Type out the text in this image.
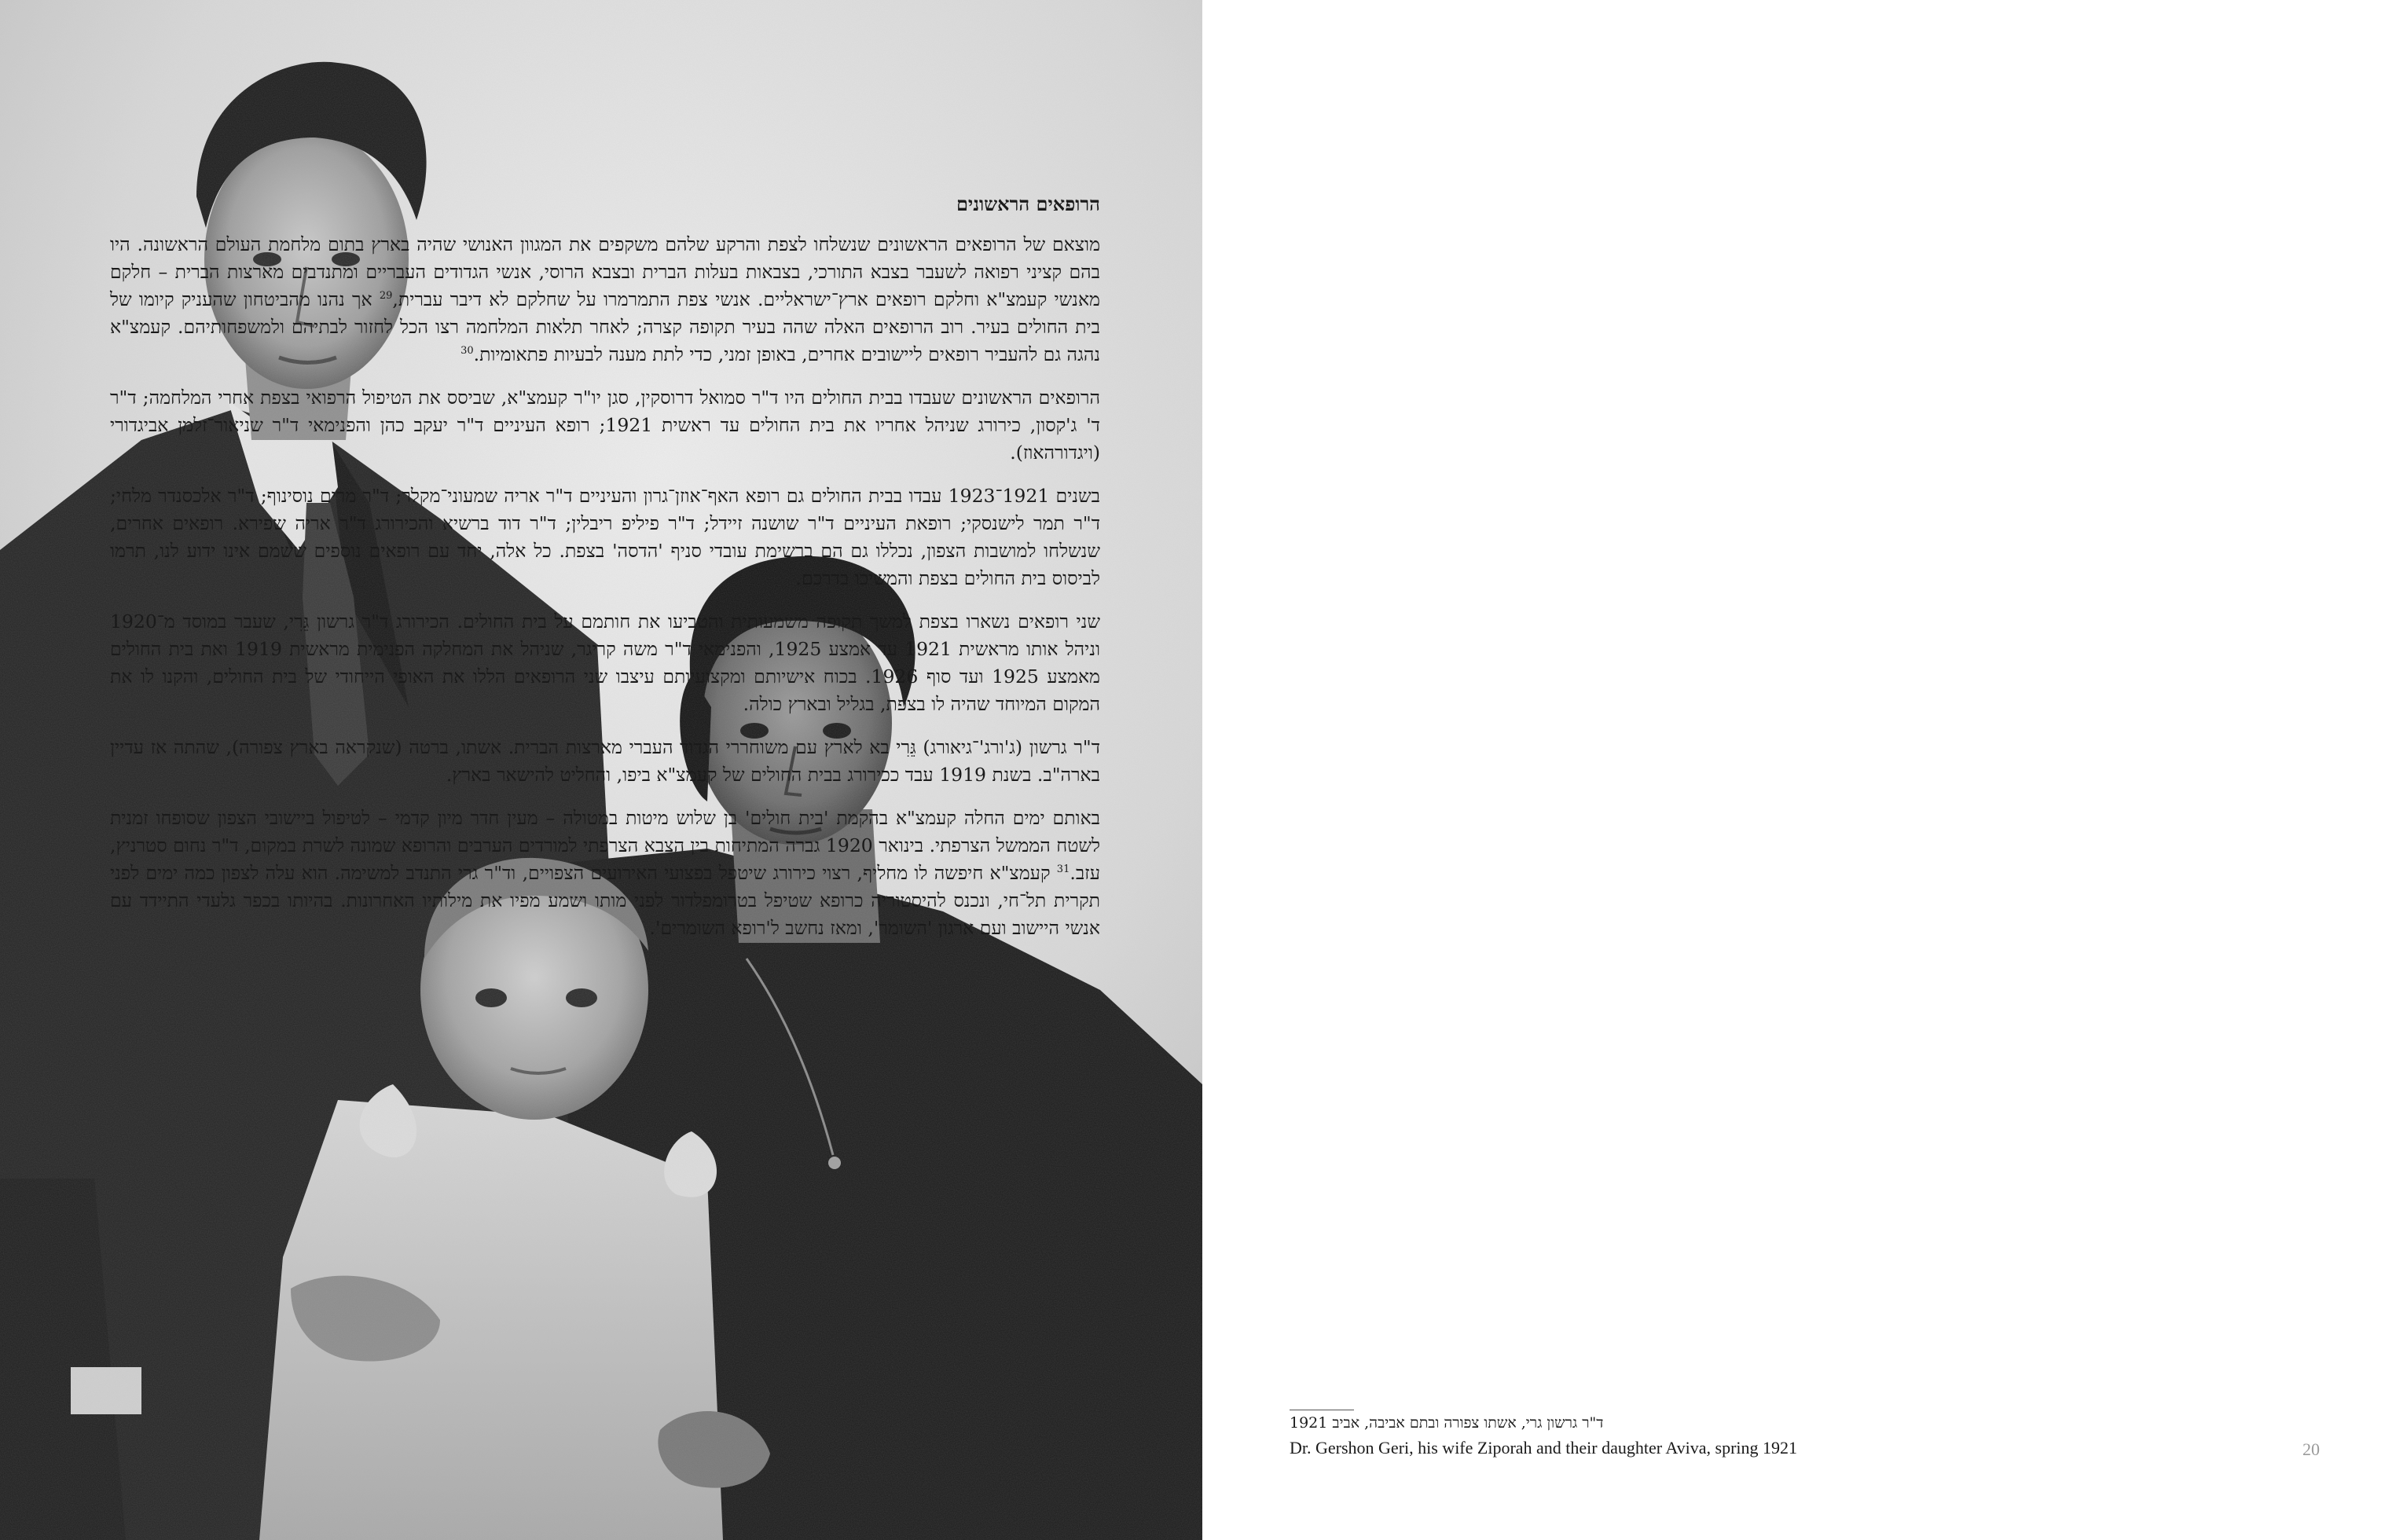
הרופאים הראשונים

מוצאם של הרופאים הראשונים שנשלחו לצפת והרקע שלהם משקפים את המגוון האנושי שהיה בארץ בתום מלחמת העולם הראשונה. היו בהם קציני רפואה לשעבר בצבא התורכי, בצבאות בעלות הברית ובצבא הרוסי, אנשי הגדודים העבריים ומתנדבים מארצות הברית – חלקם מאנשי קעמצ"א וחלקם רופאים ארץ־ישראליים. אנשי צפת התמרמרו על שחלקם לא דיבר עברית,$^{29}$ אך נהנו מהביטחון שהעניק קיומו של בית החולים בעיר. רוב הרופאים האלה שהה בעיר תקופה קצרה; לאחר תלאות המלחמה רצו הכל לחזור לבתיהם ולמשפחותיהם. קעמצ"א נהגה גם להעביר רופאים ליישובים אחרים, באופן זמני, כדי לתת מענה לבעיות פתאומיות.$^{30}$

הרופאים הראשונים שעבדו בבית החולים היו ד"ר סמואל דרוסקין, סגן יו"ר קעמצ"א, שביסס את הטיפול הרפואי בצפת אחרי המלחמה; ד"ר ד' ג'קסון, כירורג שניהל אחריו את בית החולים עד ראשית 1921; רופא העיניים ד"ר יעקב כהן והפנימאי ד"ר שניאור־זלמן אביגדורי (ויגדורהאוז).

בשנים 1921־1923 עבדו בבית החולים גם רופא האף־אוזן־גרון והעיניים ד"ר אריה שמעוני־מקלר; ד"ר מרים נוסינוף; ד"ר אלכסנדר מלחי; ד"ר תמר לישנסקי; רופאת העיניים ד"ר שושנה זיידל; ד"ר פיליפ ריבלין; ד"ר דוד ברשיא והכירורג ד"ר אריה שפירא. רופאים אחרים, שנשלחו למושבות הצפון, נכללו גם הם ברשימת עובדי סניף 'הדסה' בצפת. כל אלה, יחד עם רופאים נוספים ששמם אינו ידוע לנו, תרמו לביסוס בית החולים בצפת והמשיכו בדרכם.

שני רופאים נשארו בצפת למשך תקופה משמעותית והטביעו את חותמם על בית החולים. הכירורג ד"ר גרשון גֵּרִי, שעבר במוסד מ־1920 וניהל אותו מראשית 1921 עד אמצע 1925, והפנימאי ד"ר משה קריגר, שניהל את המחלקה הפנימית מראשית 1919 ואת בית החולים מאמצע 1925 ועד סוף 1926. בכוח אישיותם ומקצועיותם עיצבו שני הרופאים הללו את האופי הייחודי של בית החולים, והקנו לו את המקום המיוחד שהיה לו בצפת, בגליל ובארץ כולה.

ד"ר גרשון (ג'ורג'־גיאורג) גֵּרִי בא לארץ עם משוחררי הגדוד העברי מארצות הברית. אשתו, ברטה (שנקראה בארץ צפורה), שהתה אז עדיין בארה"ב. בשנת 1919 עבד ככירורג בבית החולים של קעמצ"א ביפו, והחליט להישאר בארץ.

באותם ימים החלה קעמצ"א בהקמת 'בית חולים' בן שלוש מיטות במטולה – מעין חדר מיון קדמי – לטיפול ביישובי הצפון שסופחו זמנית לשטח הממשל הצרפתי. בינואר 1920 גברה המתיחות בין הצבא הצרפתי למורדים הערבים והרופא שמונה לשרת במקום, ד"ר נחום סטרניץ, עזב.$^{31}$ קעמצ"א חיפשה לו מחליף, רצוי כירורג שיטפל בפצועי האירועים הצפויים, וד"ר גרי התנדב למשימה. הוא עלה לצפון כמה ימים לפני תקרית תל־חי, ונכנס להיסטוריה כרופא שטיפל בטרומפלדור לפני מותו ושמע מפיו את מילותיו האחרונות. בהיותו בכפר גלעדי התיידד עם אנשי היישוב ועם ארגון 'השומר', ומאז נחשב ל'רופא השומרים'.

ד"ר גרשון גרי, אשתו צפורה ובתם אביבה, אביב 1921
Dr. Gershon Geri, his wife Ziporah and their daughter Aviva, spring 1921	20
